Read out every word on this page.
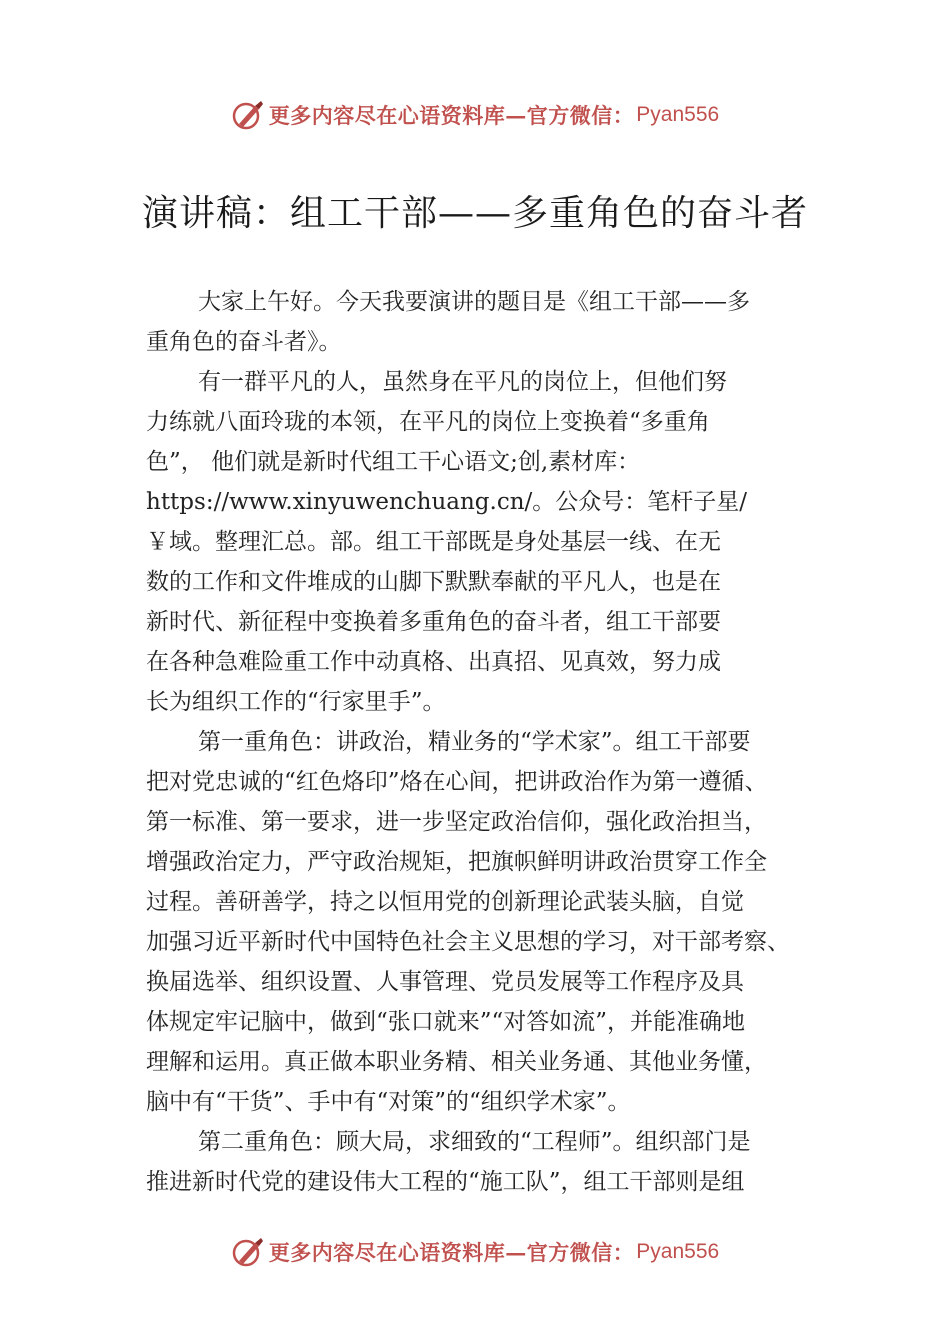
更多内容尽在心语资料库—官方微信： Pyan556
演讲稿：组工干部——多重角色的奋斗者
大家上午好。今天我要演讲的题目是《组工干部——多
重角色的奋斗者》。
有一群平凡的人，虽然身在平凡的岗位上，但他们努
力练就八面玲珑的本领，在平凡的岗位上变换着“多重角
色”， 他们就是新时代组工干心语文;创,素材库：
https://www.xinyuwenchuang.cn/。公众号：笔杆子星/
￥域。整理汇总。部。组工干部既是身处基层一线、在无
数的工作和文件堆成的山脚下默默奉献的平凡人，也是在
新时代、新征程中变换着多重角色的奋斗者，组工干部要
在各种急难险重工作中动真格、出真招、见真效，努力成
长为组织工作的“行家里手”。
第一重角色：讲政治，精业务的“学术家”。组工干部要
把对党忠诚的“红色烙印”烙在心间，把讲政治作为第一遵循、
第一标准、第一要求，进一步坚定政治信仰，强化政治担当，
增强政治定力，严守政治规矩，把旗帜鲜明讲政治贯穿工作全
过程。善研善学，持之以恒用党的创新理论武装头脑，自觉
加强习近平新时代中国特色社会主义思想的学习，对干部考察、
换届选举、组织设置、人事管理、党员发展等工作程序及具
体规定牢记脑中，做到“张口就来”“对答如流”，并能准确地
理解和运用。真正做本职业务精、相关业务通、其他业务懂，
脑中有“干货”、手中有“对策”的“组织学术家”。
第二重角色：顾大局，求细致的“工程师”。组织部门是
推进新时代党的建设伟大工程的“施工队”，组工干部则是组
更多内容尽在心语资料库—官方微信： Pyan556
